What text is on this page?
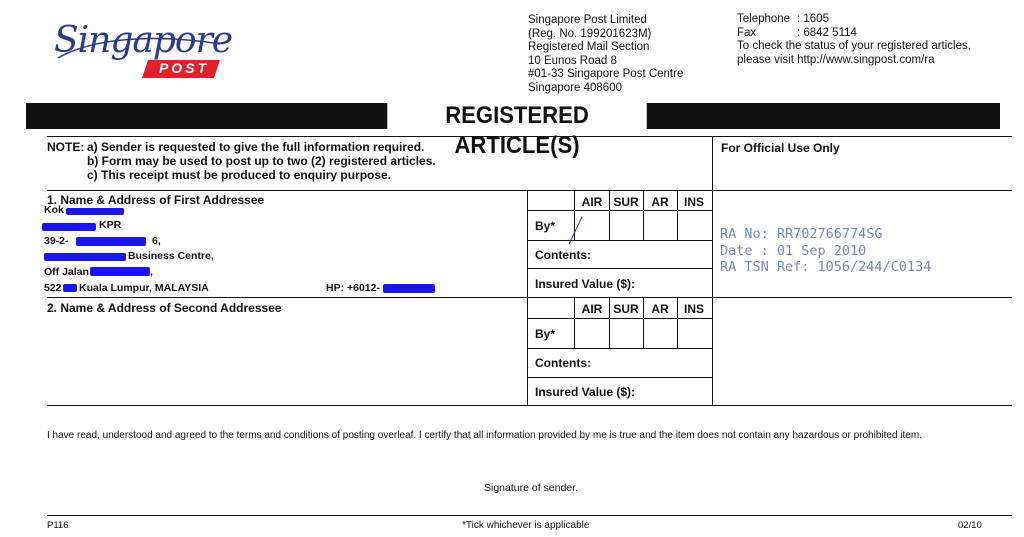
Singapore
POST
Singapore Post Limited
(Reg. No. 199201623M)
Registered Mail Section
10 Eunos Road 8
#01-33 Singapore Post Centre
Singapore 408600
Telephone : 1605
Fax	: 6842 5114
To check the status of your registered articles,
please visit http://www.singpost.com/ra
REGISTERED ARTICLE(S)
NOTE: a) Sender is requested to give the full information required.
b) Form may be used to post up to two (2) registered articles.
c) This receipt must be produced to enquiry purpose.
For Official Use Only
AIR SUR	AR	INS
By*
Contents:
Insured Value ($):
AIR SUR	AR	INS
By*
Contents:
Insured Value ($):
1. Name & Address of First Addressee
Kok
KPR
39-2-	6,
Business Centre,
Off Jalan	,
522 Kuala Lumpur, MALAYSIA	HP: +6012-
2. Name & Address of Second Addressee
RA No: RR702766774SG
Date : 01 Sep 2010
RA TSN Ref: 1056/244/C0134
I have read, understood and agreed to the terms and conditions of posting overleaf. I certify that all information provided by me is true and the item does not contain any hazardous or prohibited item.
Signature of sender.
P116	*Tick whichever is applicable	02/10
